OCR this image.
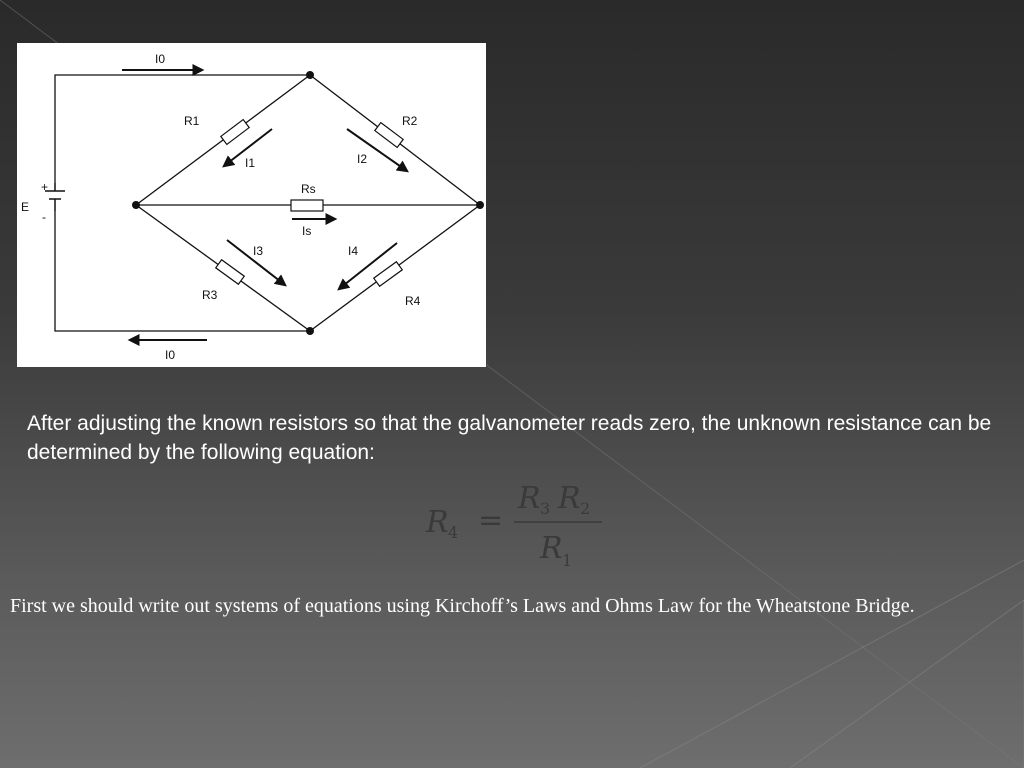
I0
I0
R1	R2
R3	R4
Rs
I1	I2
I3	I4
Is
E
+
-
After adjusting the known resistors so that the galvanometer reads zero, the unknown resistance can be determined by the following equation:
R 4 =
R 3 R 2
R 1
First we should write out systems of equations using Kirchoff’s Laws and Ohms Law for the Wheatstone Bridge.
